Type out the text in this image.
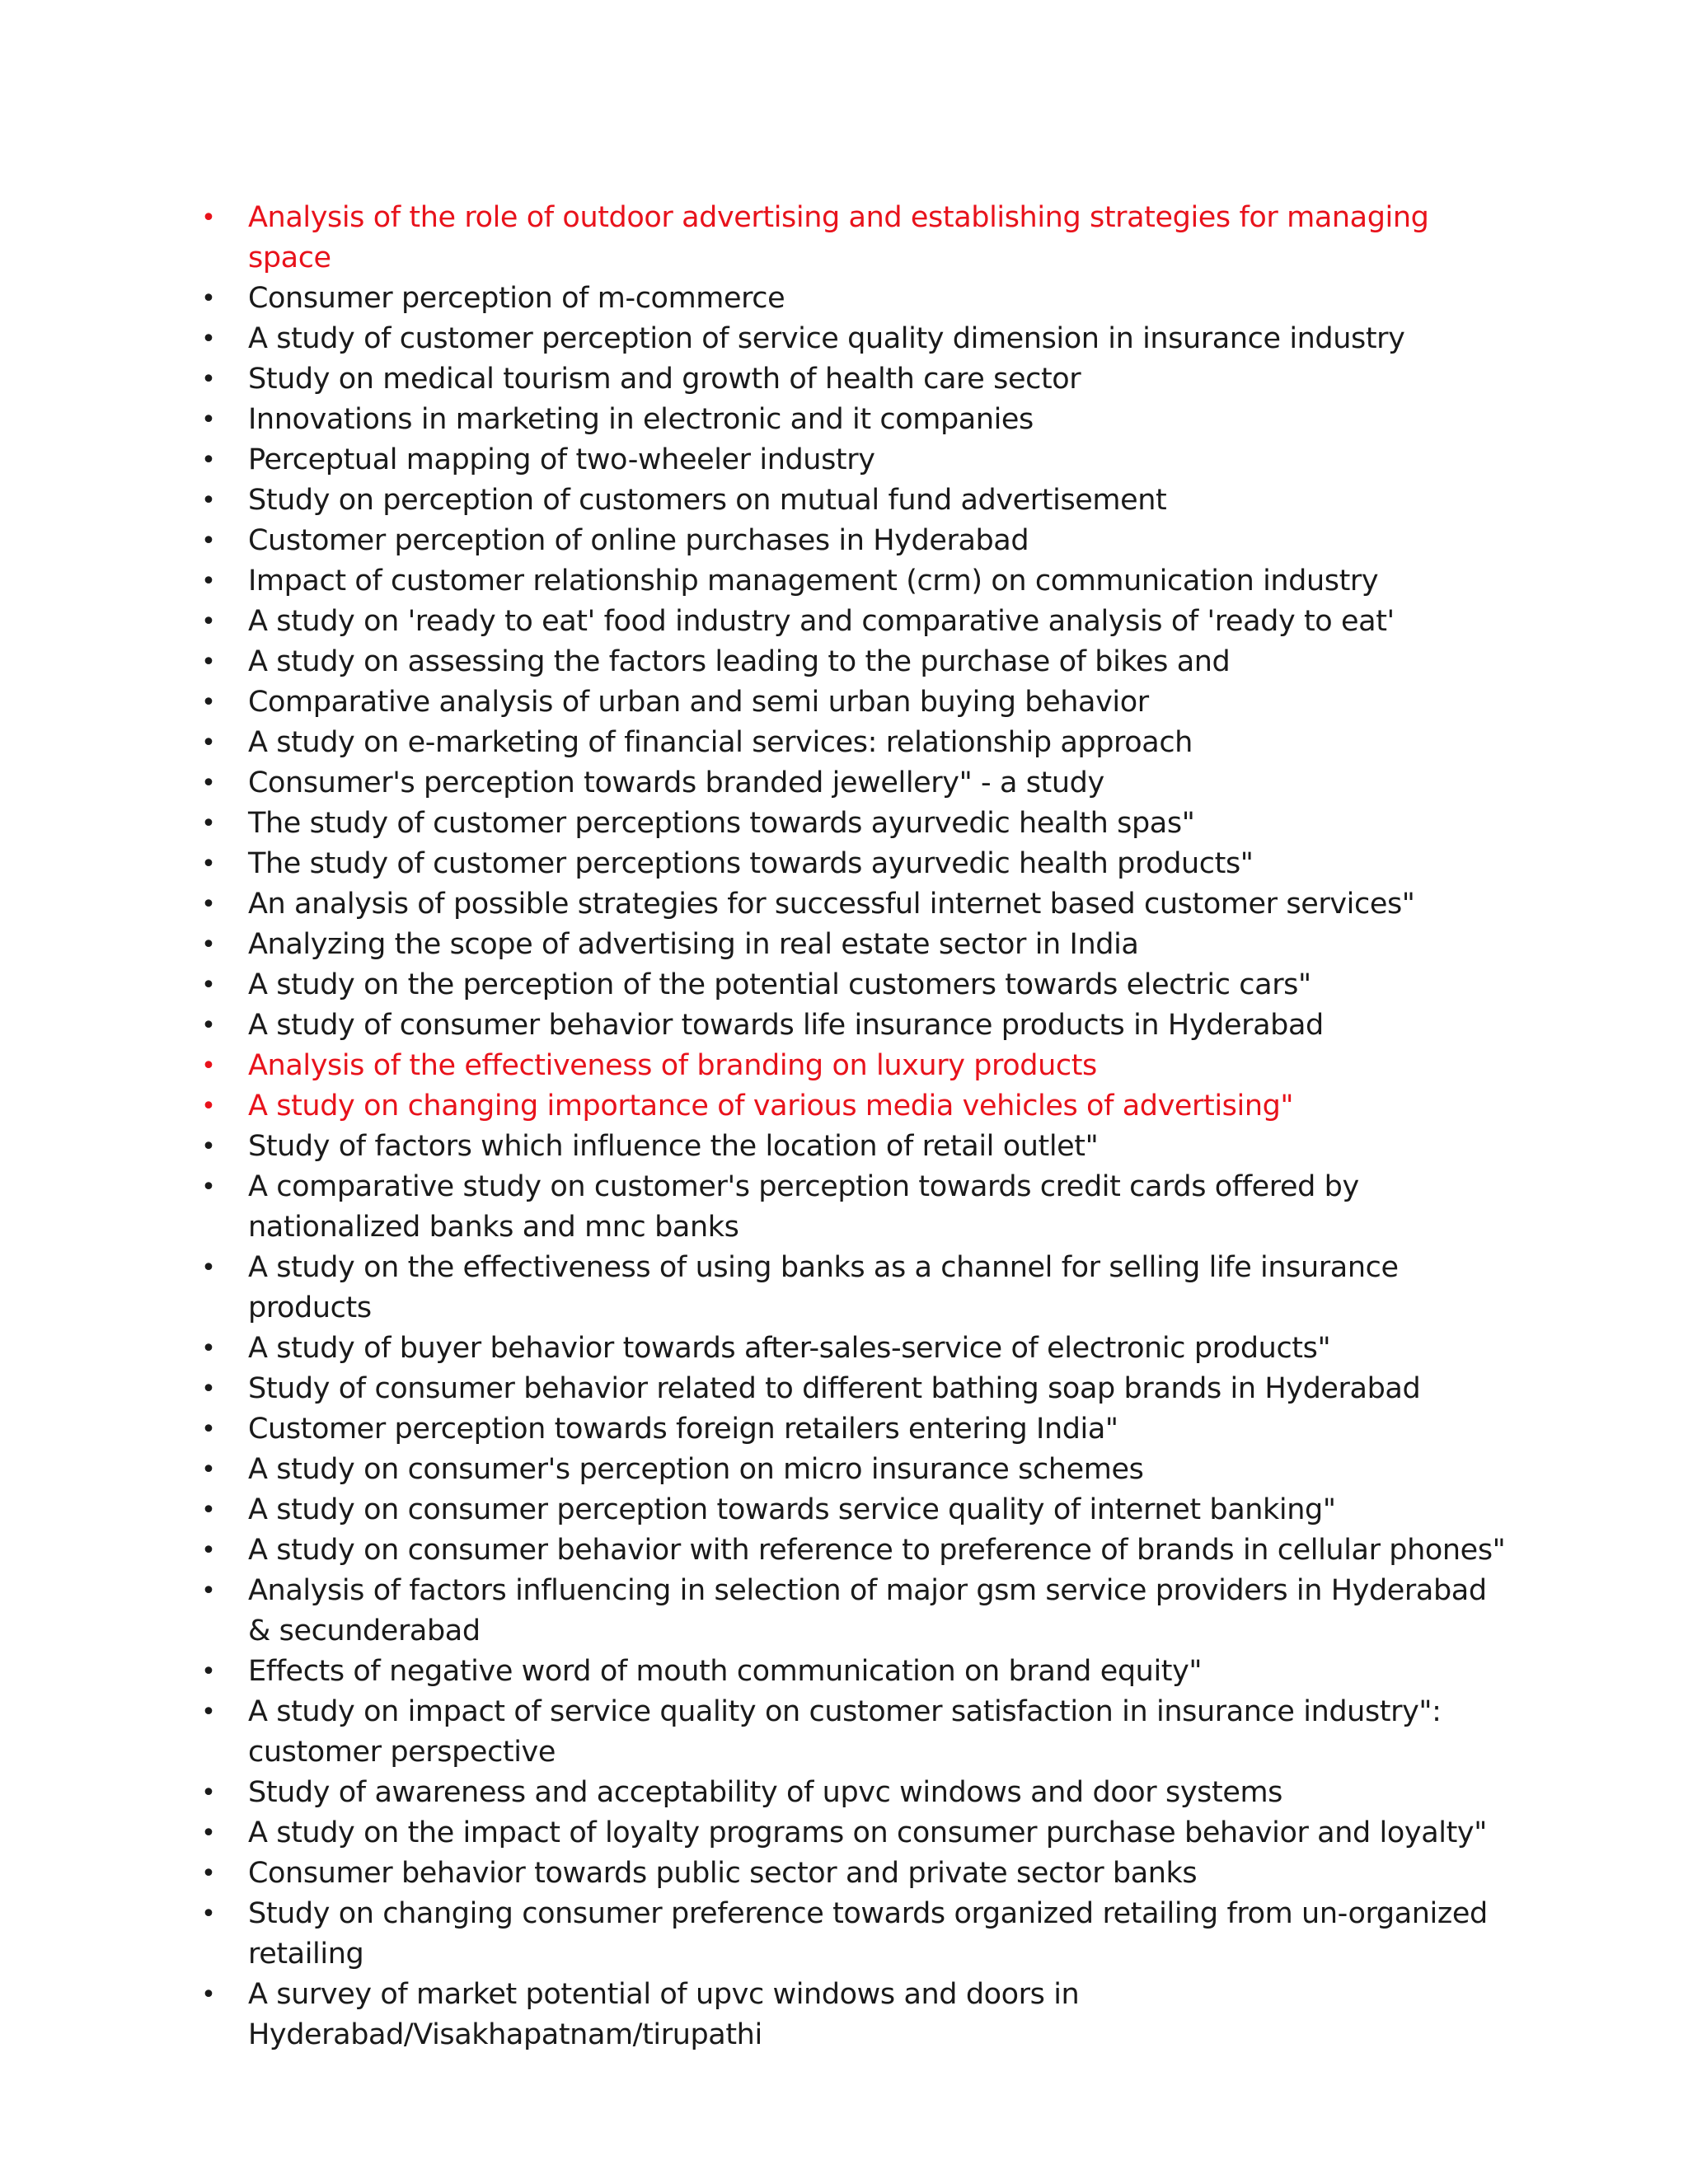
• Analysis of the role of outdoor advertising and establishing strategies for managing space
• Consumer perception of m-commerce
• A study of customer perception of service quality dimension in insurance industry
• Study on medical tourism and growth of health care sector
• Innovations in marketing in electronic and it companies
• Perceptual mapping of two-wheeler industry
• Study on perception of customers on mutual fund advertisement
• Customer perception of online purchases in Hyderabad
• Impact of customer relationship management (crm) on communication industry
• A study on 'ready to eat' food industry and comparative analysis of 'ready to eat'
• A study on assessing the factors leading to the purchase of bikes and
• Comparative analysis of urban and semi urban buying behavior
• A study on e-marketing of financial services: relationship approach
• Consumer's perception towards branded jewellery" - a study
• The study of customer perceptions towards ayurvedic health spas"
• The study of customer perceptions towards ayurvedic health products"
• An analysis of possible strategies for successful internet based customer services"
• Analyzing the scope of advertising in real estate sector in India
• A study on the perception of the potential customers towards electric cars"
• A study of consumer behavior towards life insurance products in Hyderabad
• Analysis of the effectiveness of branding on luxury products
• A study on changing importance of various media vehicles of advertising"
• Study of factors which influence the location of retail outlet"
• A comparative study on customer's perception towards credit cards offered by nationalized banks and mnc banks
• A study on the effectiveness of using banks as a channel for selling life insurance products
• A study of buyer behavior towards after-sales-service of electronic products"
• Study of consumer behavior related to different bathing soap brands in Hyderabad
• Customer perception towards foreign retailers entering India"
• A study on consumer's perception on micro insurance schemes
• A study on consumer perception towards service quality of internet banking"
• A study on consumer behavior with reference to preference of brands in cellular phones"
• Analysis of factors influencing in selection of major gsm service providers in Hyderabad & secunderabad
• Effects of negative word of mouth communication on brand equity"
• A study on impact of service quality on customer satisfaction in insurance industry": customer perspective
• Study of awareness and acceptability of upvc windows and door systems
• A study on the impact of loyalty programs on consumer purchase behavior and loyalty"
• Consumer behavior towards public sector and private sector banks
• Study on changing consumer preference towards organized retailing from un-organized retailing
• A survey of market potential of upvc windows and doors in Hyderabad/Visakhapatnam/tirupathi
